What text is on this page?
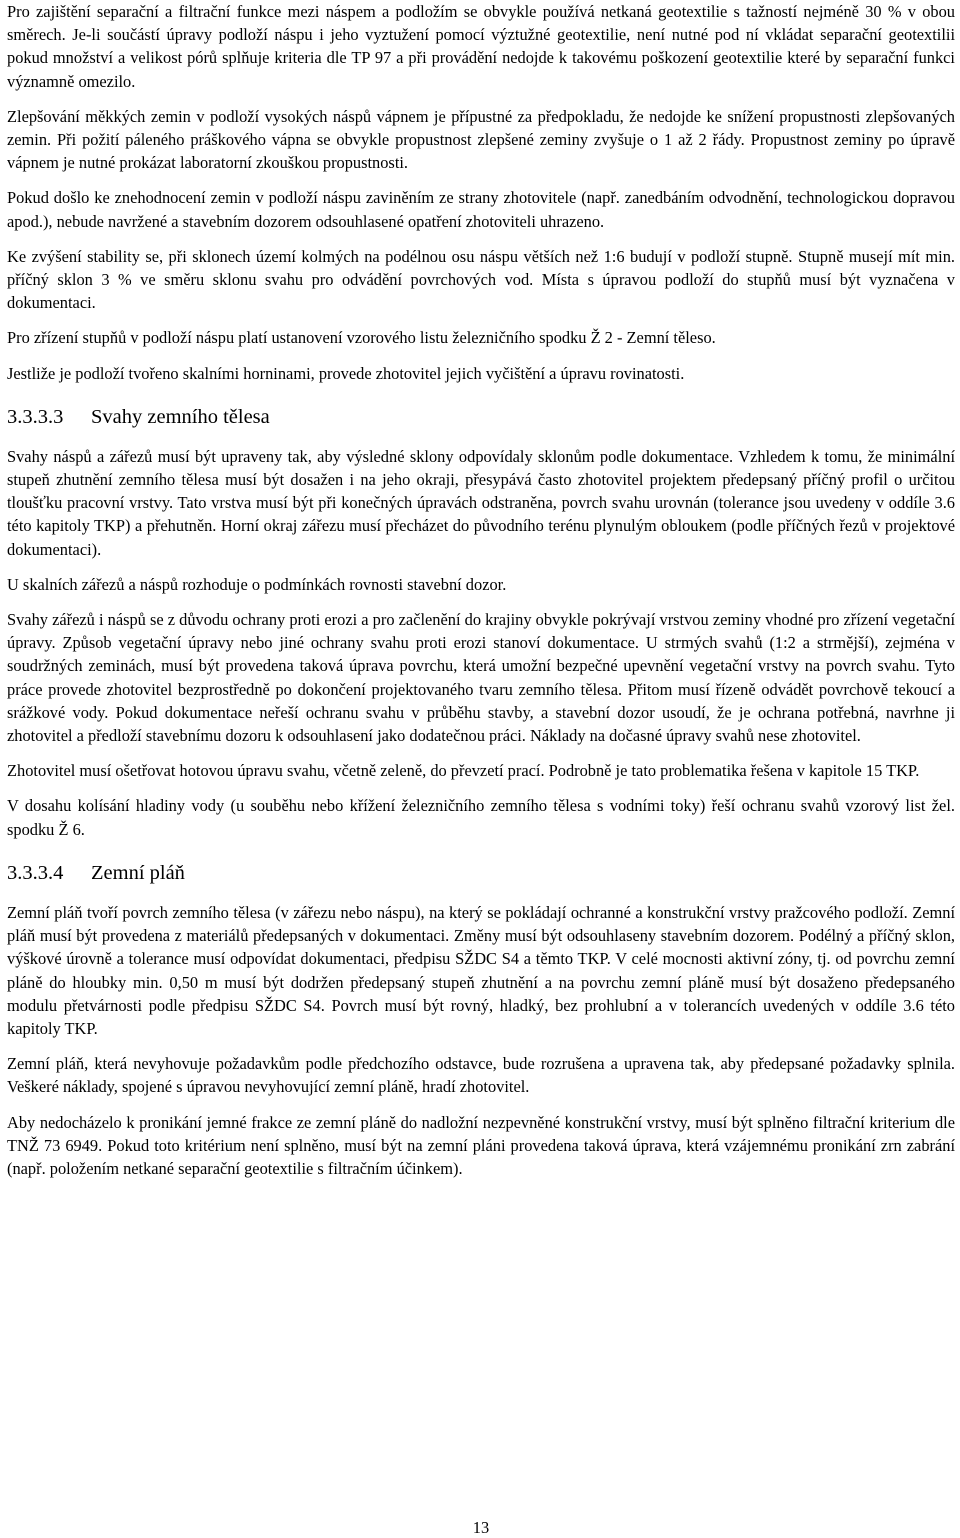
Pro zajištění separační a filtrační funkce mezi náspem a podložím se obvykle používá netkaná geotextilie s tažností nejméně 30 % v obou směrech. Je-li součástí úpravy podloží náspu i jeho vyztužení pomocí výztužné geotextilie, není nutné pod ní vkládat separační geotextilii pokud množství a velikost pórů splňuje kriteria dle TP 97 a při provádění nedojde k takovému poškození geotextilie které by separační funkci významně omezilo.

Zlepšování měkkých zemin v podloží vysokých náspů vápnem je přípustné za předpokladu, že nedojde ke snížení propustnosti zlepšovaných zemin. Při požití páleného práškového vápna se obvykle propustnost zlepšené zeminy zvyšuje o 1 až 2 řády. Propustnost zeminy po úpravě vápnem je nutné prokázat laboratorní zkouškou propustnosti.

Pokud došlo ke znehodnocení zemin v podloží náspu zaviněním ze strany zhotovitele (např. zanedbáním odvodnění, technologickou dopravou apod.), nebude navržené a stavebním dozorem odsouhlasené opatření zhotoviteli uhrazeno.

Ke zvýšení stability se, při sklonech území kolmých na podélnou osu náspu větších než 1:6 budují v podloží stupně. Stupně musejí mít min. příčný sklon 3 % ve směru sklonu svahu pro odvádění povrchových vod. Místa s úpravou podloží do stupňů musí být vyznačena v dokumentaci.

Pro zřízení stupňů v podloží náspu platí ustanovení vzorového listu železničního spodku Ž 2 - Zemní těleso.

Jestliže je podloží tvořeno skalními horninami, provede zhotovitel jejich vyčištění a úpravu rovinatosti.

3.3.3.3	Svahy zemního tělesa

Svahy náspů a zářezů musí být upraveny tak, aby výsledné sklony odpovídaly sklonům podle dokumentace. Vzhledem k tomu, že minimální stupeň zhutnění zemního tělesa musí být dosažen i na jeho okraji, přesypává často zhotovitel projektem předepsaný příčný profil o určitou tloušťku pracovní vrstvy. Tato vrstva musí být při konečných úpravách odstraněna, povrch svahu urovnán (tolerance jsou uvedeny v oddíle 3.6 této kapitoly TKP) a přehutněn. Horní okraj zářezu musí přecházet do původního terénu plynulým obloukem (podle příčných řezů v projektové dokumentaci).

U skalních zářezů a náspů rozhoduje o podmínkách rovnosti stavební dozor.

Svahy zářezů i náspů se z důvodu ochrany proti erozi a pro začlenění do krajiny obvykle pokrývají vrstvou zeminy vhodné pro zřízení vegetační úpravy. Způsob vegetační úpravy nebo jiné ochrany svahu proti erozi stanoví dokumentace. U strmých svahů (1:2 a strmější), zejména v soudržných zeminách, musí být provedena taková úprava povrchu, která umožní bezpečné upevnění vegetační vrstvy na povrch svahu. Tyto práce provede zhotovitel bezprostředně po dokončení projektovaného tvaru zemního tělesa. Přitom musí řízeně odvádět povrchově tekoucí a srážkové vody. Pokud dokumentace neřeší ochranu svahu v průběhu stavby, a stavební dozor usoudí, že je ochrana potřebná, navrhne ji zhotovitel a předloží stavebnímu dozoru k odsouhlasení jako dodatečnou práci. Náklady na dočasné úpravy svahů nese zhotovitel.

Zhotovitel musí ošetřovat hotovou úpravu svahu, včetně zeleně, do převzetí prací. Podrobně je tato problematika řešena v kapitole 15 TKP.

V dosahu kolísání hladiny vody (u souběhu nebo křížení železničního zemního tělesa s vodními toky) řeší ochranu svahů vzorový list žel. spodku Ž 6.

3.3.3.4	Zemní pláň

Zemní pláň tvoří povrch zemního tělesa (v zářezu nebo náspu), na který se pokládají ochranné a konstrukční vrstvy pražcového podloží. Zemní pláň musí být provedena z materiálů předepsaných v dokumentaci. Změny musí být odsouhlaseny stavebním dozorem. Podélný a příčný sklon, výškové úrovně a tolerance musí odpovídat dokumentaci, předpisu SŽDC S4 a těmto TKP. V celé mocnosti aktivní zóny, tj. od povrchu zemní pláně do hloubky min. 0,50 m musí být dodržen předepsaný stupeň zhutnění a na povrchu zemní pláně musí být dosaženo předepsaného modulu přetvárnosti podle předpisu SŽDC S4. Povrch musí být rovný, hladký, bez prohlubní a v tolerancích uvedených v oddíle 3.6 této kapitoly TKP.

Zemní pláň, která nevyhovuje požadavkům podle předchozího odstavce, bude rozrušena a upravena tak, aby předepsané požadavky splnila. Veškeré náklady, spojené s úpravou nevyhovující zemní pláně, hradí zhotovitel.

Aby nedocházelo k pronikání jemné frakce ze zemní pláně do nadložní nezpevněné konstrukční vrstvy, musí být splněno filtrační kriterium dle TNŽ 73 6949. Pokud toto kritérium není splněno, musí být na zemní pláni provedena taková úprava, která vzájemnému pronikání zrn zabrání (např. položením netkané separační geotextilie s filtračním účinkem).

13
